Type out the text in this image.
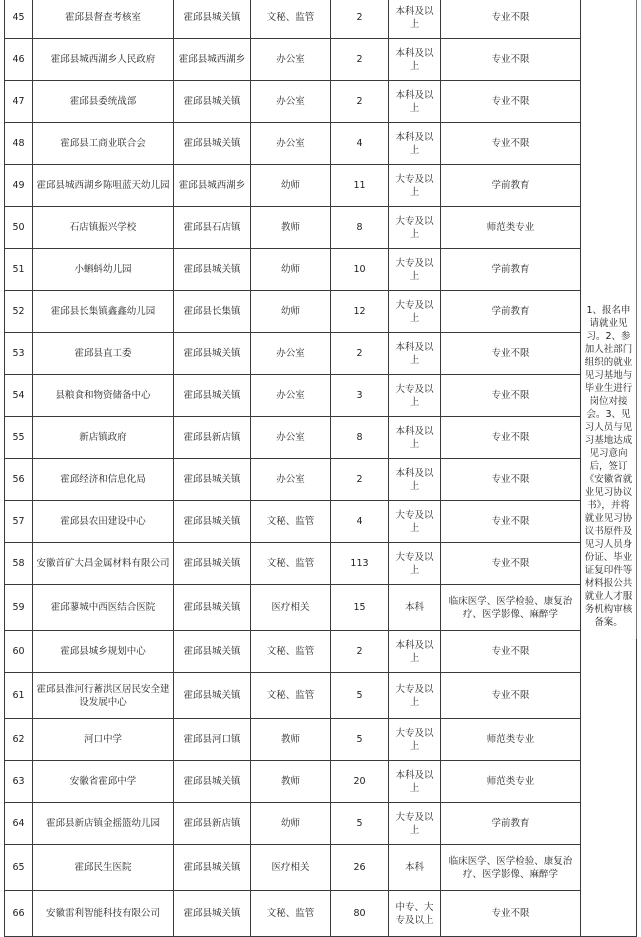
45	霍邱县督查考核室	霍邱县城关镇	文秘、监管	2	本科及以上	专业不限	1、报名申请就业见习。2、参加人社部门组织的就业见习基地与毕业生进行岗位对接会。3、见习人员与见习基地达成见习意向后，签订《安徽省就业见习协议书》，并将就业见习协议书原件及见习人员身份证、毕业证复印件等材料报公共就业人才服务机构审核备案。
46	霍邱县城西湖乡人民政府	霍邱县城西湖乡	办公室	2	本科及以上	专业不限	
47	霍邱县委统战部	霍邱县城关镇	办公室	2	本科及以上	专业不限	
48	霍邱县工商业联合会	霍邱县城关镇	办公室	4	本科及以上	专业不限	
49	霍邱县城西湖乡陈咀蓝天幼儿园	霍邱县城西湖乡	幼师	11	大专及以上	学前教育	
50	石店镇振兴学校	霍邱县石店镇	教师	8	大专及以上	师范类专业	
51	小蝌蚪幼儿园	霍邱县城关镇	幼师	10	大专及以上	学前教育	
52	霍邱县长集镇鑫鑫幼儿园	霍邱县长集镇	幼师	12	大专及以上	学前教育	
53	霍邱县直工委	霍邱县城关镇	办公室	2	本科及以上	专业不限	
54	县粮食和物资储备中心	霍邱县城关镇	办公室	3	大专及以上	专业不限	
55	新店镇政府	霍邱县新店镇	办公室	8	本科及以上	专业不限	
56	霍邱经济和信息化局	霍邱县城关镇	办公室	2	本科及以上	专业不限	
57	霍邱县农田建设中心	霍邱县城关镇	文秘、监管	4	大专及以上	专业不限	
58	安徽首矿大昌金属材料有限公司	霍邱县城关镇	文秘、监管	113	大专及以上	专业不限	
59	霍邱蓼城中西医结合医院	霍邱县城关镇	医疗相关	15	本科	临床医学、医学检验、康复治疗、医学影像、麻醉学	
60	霍邱县城乡规划中心	霍邱县城关镇	文秘、监管	2	本科及以上	专业不限	
61	霍邱县淮河行蓄洪区居民安全建设发展中心	霍邱县城关镇	文秘、监管	5	大专及以上	专业不限	
62	河口中学	霍邱县河口镇	教师	5	大专及以上	师范类专业	
63	安徽省霍邱中学	霍邱县城关镇	教师	20	本科及以上	师范类专业	
64	霍邱县新店镇金摇篮幼儿园	霍邱县新店镇	幼师	5	大专及以上	学前教育	
65	霍邱民生医院	霍邱县城关镇	医疗相关	26	本科	临床医学、医学检验、康复治疗、医学影像、麻醉学	
66	安徽雷利智能科技有限公司	霍邱县城关镇	文秘、监管	80	中专、大专及以上	专业不限	
